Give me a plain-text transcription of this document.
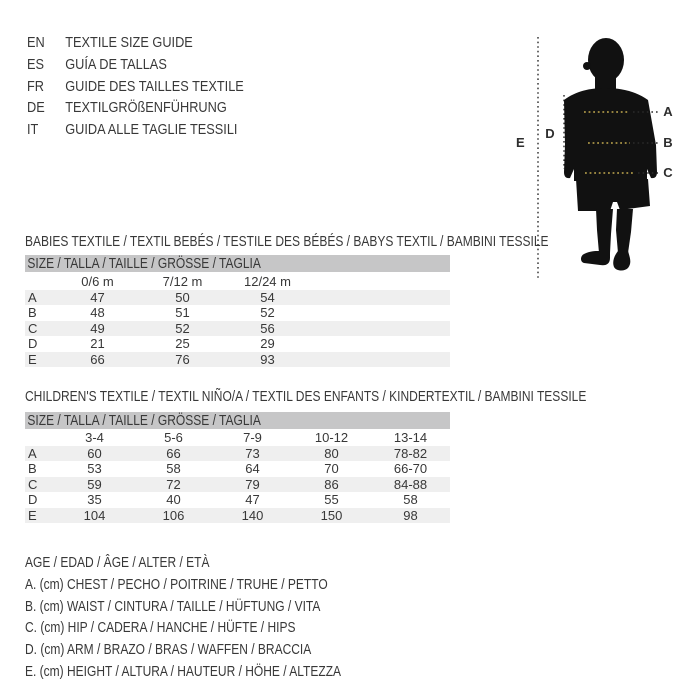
EN	TEXTILE SIZE GUIDE
ES	GUÍA DE TALLAS
FR	GUIDE DES TAILLES TEXTILE
DE	TEXTILGRÖßENFÜHRUNG
IT	GUIDA ALLE TAGLIE TESSILI
E
D
A
B
C
BABIES TEXTILE / TEXTIL BEBÉS / TESTILE DES BÉBÉS / BABYS TEXTIL / BAMBINI TESSILE
SIZE / TALLA / TAILLE / GRÖSSE / TAGLIA
	0/6 m	7/12 m	12/24 m	
A	47	50	54	
B	48	51	52	
C	49	52	56	
D	21	25	29	
E	66	76	93	
CHILDREN'S TEXTILE / TEXTIL NIÑO/A / TEXTIL DES ENFANTS / KINDERTEXTIL / BAMBINI TESSILE
SIZE / TALLA / TAILLE / GRÖSSE / TAGLIA
	3-4	5-6	7-9	10-12	13-14
A	60	66	73	80	78-82
B	53	58	64	70	66-70
C	59	72	79	86	84-88
D	35	40	47	55	58
E	104	106	140	150	98
AGE / EDAD / ÂGE / ALTER / ETÀ
A. (cm) CHEST / PECHO / POITRINE / TRUHE / PETTO
B. (cm) WAIST / CINTURA / TAILLE / HÜFTUNG / VITA
C. (cm) HIP / CADERA / HANCHE / HÜFTE / HIPS
D. (cm) ARM / BRAZO / BRAS / WAFFEN / BRACCIA
E. (cm) HEIGHT / ALTURA / HAUTEUR / HÖHE / ALTEZZA
